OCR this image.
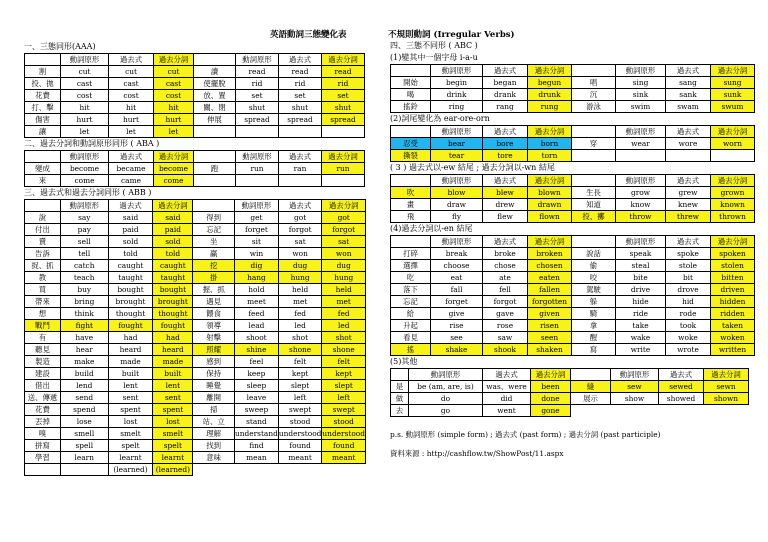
英語動詞三態變化表	不規則動詞 (Irregular Verbs)
一、三態同形(AAA)
	動詞原形	過去式	過去分詞		動詞原形	過去式	過去分詞
割	cut	cut	cut	讀	read	read	read
投、拋	cast	cast	cast	使擺脫	rid	rid	rid
花費	cost	cost	cost	放、置	set	set	set
打、擊	hit	hit	hit	關、閉	shut	shut	shut
傷害	hurt	hurt	hurt	伸展	spread	spread	spread
讓	let	let	let				
二、過去分詞和動詞原形同形 ( ABA )
	動詞原形	過去式	過去分詞		動詞原形	過去式	過去分詞
變成	become	became	become	跑	run	ran	run
來	come	came	come				
三、過去式和過去分詞同形 ( ABB )
	動詞原形	過去式	過去分詞		動詞原形	過去式	過去分詞
說	say	said	said	得到	get	got	got
付出	pay	paid	paid	忘記	forget	forgot	forgot
賣	sell	sold	sold	坐	sit	sat	sat
告訴	tell	told	told	贏	win	won	won
捉、抓	catch	caught	caught	挖	dig	dug	dug
教	teach	taught	taught	掛	hang	hung	hung
買	buy	bought	bought	握、抓	hold	held	held
帶來	bring	brought	brought	遇見	meet	met	met
想	think	thought	thought	餵食	feed	fed	fed
戰鬥	fight	fought	fought	領導	lead	led	led
有	have	had	had	射擊	shoot	shot	shot
聽見	hear	heard	heard	照耀	shine	shone	shone
製造	make	made	made	感到	feel	felt	felt
建設	build	built	built	保持	keep	kept	kept
借出	lend	lent	lent	睡覺	sleep	slept	slept
送、傳遞	send	sent	sent	離開	leave	left	left
花費	spend	spent	spent	掃	sweep	swept	swept
丟掉	lose	lost	lost	站、立	stand	stood	stood
嗅	smell	smelt	smelt	理解	understand	understood	understood
拼寫	spell	spelt	spelt	找到	find	found	found
學習	learn	learnt	learnt	意味	mean	meant	meant
		(learned)	(learned)				
四、三態不同形 ( ABC )
(1)變其中一個字母 i-a-u
	動詞原形	過去式	過去分詞		動詞原形	過去式	過去分詞
開始	begin	began	begun	唱	sing	sang	sung
喝	drink	drank	drunk	沉	sink	sank	sunk
搖鈴	ring	rang	rung	游泳	swim	swam	swum
(2)詞尾變化為 ear-ore-orn
	動詞原形	過去式	過去分詞		動詞原形	過去式	過去分詞
忍受	bear	bore	born	穿	wear	wore	worn
撕裂	tear	tore	torn				
( 3 ) 過去式以-ew 結尾 ; 過去分詞以-wn 結尾
	動詞原形	過去式	過去分詞		動詞原形	過去式	過去分詞
吹	blow	blew	blown	生長	grow	grew	grown
畫	draw	drew	drawn	知道	know	knew	known
飛	fly	flew	flown	投、擲	throw	threw	thrown
(4)過去分詞以-en 結尾
	動詞原形	過去式	過去分詞		動詞原形	過去式	過去分詞
打碎	break	broke	broken	說話	speak	spoke	spoken
選擇	choose	chose	chosen	偷	steal	stole	stolen
吃	eat	ate	eaten	咬	bite	bit	bitten
落下	fall	fell	fallen	駕駛	drive	drove	driven
忘記	forget	forgot	forgotten	躲	hide	hid	hidden
給	give	gave	given	騎	ride	rode	ridden
升起	rise	rose	risen	拿	take	took	taken
看見	see	saw	seen	醒	wake	woke	woken
搖	shake	shook	shaken	寫	write	wrote	written
(5)其他
	動詞原形	過去式	過去分詞		動詞原形	過去式	過去分詞
是	be (am, are, is)	was、were	been	縫	sew	sewed	sewn
做	do	did	done	展示	show	showed	shown
去	go	went	gone				
p.s. 動詞原形 (simple form) ; 過去式 (past form) ; 過去分詞 (past participle)
資料來源 : http://cashflow.tw/ShowPost/11.aspx
